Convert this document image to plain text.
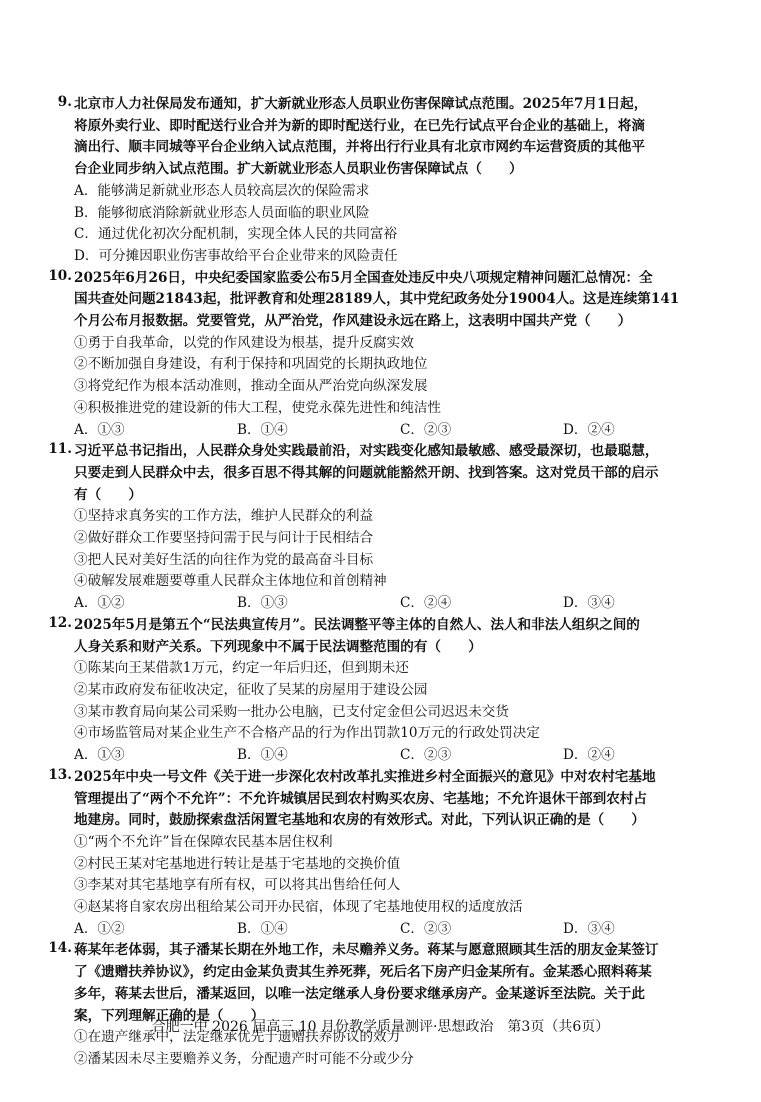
9. 北京市人力社保局发布通知，扩大新就业形态人员职业伤害保障试点范围。2025年7月1日起，
将原外卖行业、即时配送行业合并为新的即时配送行业，在已先行试点平台企业的基础上，将滴
滴出行、顺丰同城等平台企业纳入试点范围，并将出行行业具有北京市网约车运营资质的其他平
台企业同步纳入试点范围。扩大新就业形态人员职业伤害保障试点（　　）
A．能够满足新就业形态人员较高层次的保险需求
B．能够彻底消除新就业形态人员面临的职业风险
C．通过优化初次分配机制，实现全体人民的共同富裕
D．可分摊因职业伤害事故给平台企业带来的风险责任
10. 2025年6月26日，中央纪委国家监委公布5月全国查处违反中央八项规定精神问题汇总情况：全
国共查处问题21843起，批评教育和处理28189人，其中党纪政务处分19004人。这是连续第141
个月公布月报数据。党要管党，从严治党，作风建设永远在路上，这表明中国共产党（　　）
①勇于自我革命，以党的作风建设为根基，提升反腐实效
②不断加强自身建设，有利于保持和巩固党的长期执政地位
③将党纪作为根本活动准则，推动全面从严治党向纵深发展
④积极推进党的建设新的伟大工程，使党永葆先进性和纯洁性
A．①③	B．①④	C．②③	D．②④
11. 习近平总书记指出，人民群众身处实践最前沿，对实践变化感知最敏感、感受最深切，也最聪慧，
只要走到人民群众中去，很多百思不得其解的问题就能豁然开朗、找到答案。这对党员干部的启示
有（　　）
①坚持求真务实的工作方法，维护人民群众的利益
②做好群众工作要坚持问需于民与问计于民相结合
③把人民对美好生活的向往作为党的最高奋斗目标
④破解发展难题要尊重人民群众主体地位和首创精神
A．①②	B．①③	C．②④	D．③④
12. 2025年5月是第五个“民法典宣传月”。民法调整平等主体的自然人、法人和非法人组织之间的
人身关系和财产关系。下列现象中不属于民法调整范围的有（　　）
①陈某向王某借款1万元，约定一年后归还，但到期未还
②某市政府发布征收决定，征收了吴某的房屋用于建设公园
③某市教育局向某公司采购一批办公电脑，已支付定金但公司迟迟未交货
④市场监管局对某企业生产不合格产品的行为作出罚款10万元的行政处罚决定
A．①③	B．①④	C．②③	D．②④
13. 2025年中央一号文件《关于进一步深化农村改革扎实推进乡村全面振兴的意见》中对农村宅基地
管理提出了“两个不允许”：不允许城镇居民到农村购买农房、宅基地；不允许退休干部到农村占
地建房。同时，鼓励探索盘活闲置宅基地和农房的有效形式。对此，下列认识正确的是（　　）
①“两个不允许”旨在保障农民基本居住权利
②村民王某对宅基地进行转让是基于宅基地的交换价值
③李某对其宅基地享有所有权，可以将其出售给任何人
④赵某将自家农房出租给某公司开办民宿，体现了宅基地使用权的适度放活
A．①②	B．①④	C．②③	D．③④
14. 蒋某年老体弱，其子潘某长期在外地工作，未尽赡养义务。蒋某与愿意照顾其生活的朋友金某签订
了《遗赠扶养协议》，约定由金某负责其生养死葬，死后名下房产归金某所有。金某悉心照料蒋某
多年，蒋某去世后，潘某返回，以唯一法定继承人身份要求继承房产。金某遂诉至法院。关于此
案，下列理解正确的是（　　）
①在遗产继承中，法定继承优先于遗赠扶养协议的效力
②潘某因未尽主要赡养义务，分配遗产时可能不分或少分
合肥一中 2026 届高三 10 月份教学质量测评·思想政治　第3页（共6页）
